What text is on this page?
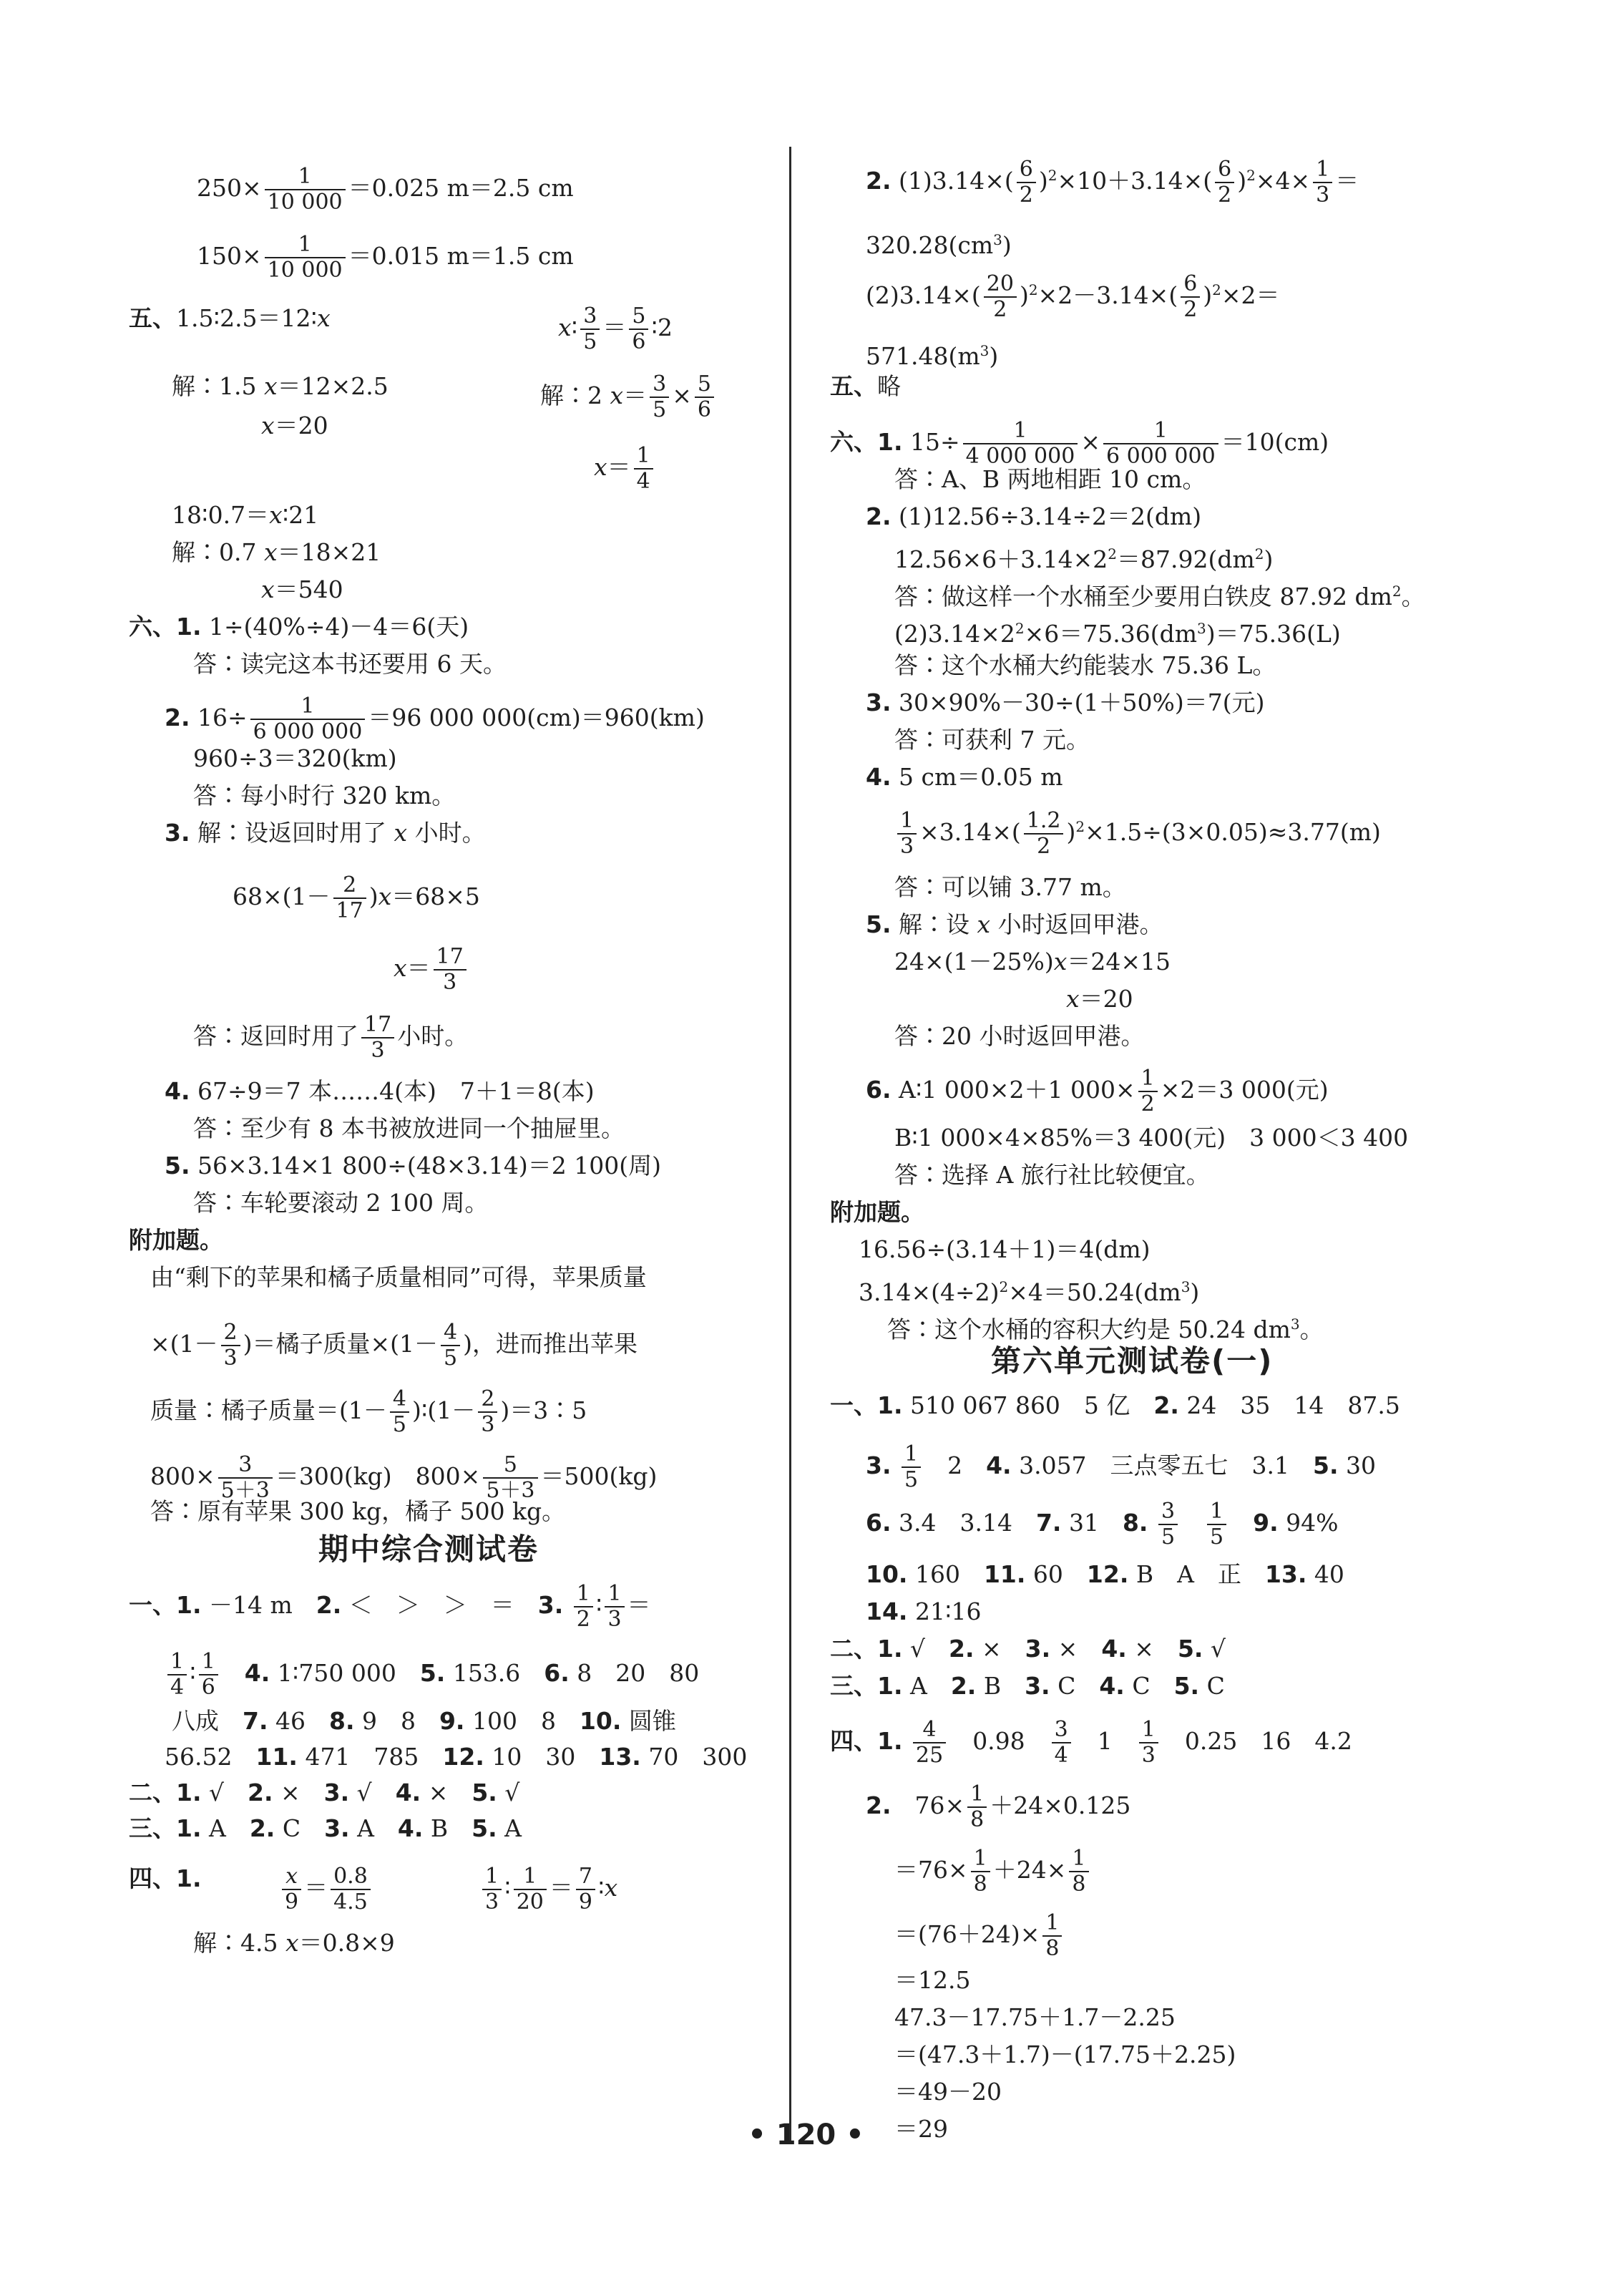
$250\times \frac{1}{10 000} =0.025$ m＝2.5 cm
$150\times \frac{1}{10 000} =0.015$ m＝1.5 cm
五、1.5∶2.5＝12∶x	x∶ $\frac{3}{5} = \frac{5}{6}$ ∶2
解∶1.5 x＝12×2.5	解∶2 $x= \frac{3}{5} \times \frac{5}{6}$
x＝20
$x= \frac{1}{4}$
18∶0.7＝x∶21
解∶0.7 x＝18×21
x＝540
六、1. 1÷(40%÷4)－4＝6(天)
答∶读完这本书还要用 6 天。
2. $16\div \frac{1}{6 000 000} =96$ 000 000(cm)＝960(km)
960÷3＝320(km)
答∶每小时行 320 km。
3. 解∶设返回时用了 x 小时。
$68\times(1- \frac{2}{17} )x=68\times 5$
$x= \frac{17}{3}$
答∶返回时用了 $\frac{17}{3}$ 小时。
4. 67÷9＝7 本……4(本)　7＋1＝8(本)
答∶至少有 8 本书被放进同一个抽屉里。
5. 56×3.14×1 800÷(48×3.14)＝2 100(周)
答∶车轮要滚动 2 100 周。
附加题。
由“剩下的苹果和橘子质量相同”可得，苹果质量
$\times(1- \frac{2}{3}$ )＝橘子质量$\times(1- \frac{4}{5}$ )，进而推出苹果
质量∶橘子质量$=(1- \frac{4}{5}$ )∶(1－ $\frac{2}{3}$ )＝3∶5
$800\times \frac{3}{5+3} =300(kg)$　$800\times \frac{5}{5+3} =500(kg)$
答∶原有苹果 300 kg，橘子 500 kg。
期中综合测试卷
一、1. －14 m　2. ＜　＞　＞　＝　3. $\frac{1}{2}$ ∶ $\frac{1}{3}$ ＝
$\frac{1}{4}$ ∶ $\frac{1}{6}$
　 4. 1∶750 000　5. 153.6　6. 8　20　80
八成　7. 46　8. 9　8　9. 100　8　10. 圆锥
56.52　11. 471　785　12. 10　30　13. 70　300
二、1. √　2. ×　3. √　4. ×　5. √
三、1. A　2. C　3. A　4. B　5. A
四、1.	$\frac{x}{9} = \frac{0.8}{4.5}$	$\frac{1}{3}$ ∶ $\frac{1}{20} = \frac{7}{9}$ ∶x
解∶4.5 x＝0.8×9
2. $(1)3.14\times( \frac{6}{2} )^2\times 10+3.14\times( \frac{6}{2} )^2\times 4\times \frac{1}{3}$ ＝
$320.28(cm^3)$
$(2)3.14\times( \frac{20}{2} )^2\times 2-3.14\times( \frac{6}{2} )^2\times 2=$
$571.48(m^3)$
五、略
六、1. $15\div \frac{1}{4 000 000} \times \frac{1}{6 000 000} =10(cm)$
答∶A、B 两地相距 10 cm。
2. (1)12.56÷3.14÷2＝2(dm)
$12.56\times 6+3.14\times 2^2=87.92(dm^2)$
答∶做这样一个水桶至少要用白铁皮 87.92 $dm^2$。
$(2)3.14\times 2^2\times 6=75.36(dm^3)=75.36(L)$
答∶这个水桶大约能装水 75.36 L。
3. 30×90%－30÷(1＋50%)＝7(元)
答∶可获利 7 元。
4. 5 cm＝0.05 m
$\frac{1}{3} \times 3.14\times( \frac{1.2}{2} )^2\times 1.5\div(3\times 0.05)\approx 3.77(m)$
答∶可以铺 3.77 m。
5. 解∶设 x 小时返回甲港。
24×(1－25%)x＝24×15
x＝20
答∶20 小时返回甲港。
6. A∶1 000×2＋1 $000\times \frac{1}{2} \times 2=3$ 000(元)
B∶1 000×4×85%＝3 400(元)　3 000＜3 400
答∶选择 A 旅行社比较便宜。
附加题。
16.56÷(3.14＋1)＝4(dm)
$3.14\times(4\div 2)^2\times 4=50.24(dm^3)$
答∶这个水桶的容积大约是 50.24 $dm^3$。
第六单元测试卷(一)
一、1. 510 067 860　5 亿　2. 24　35　14　87.5
3. $\frac{1}{5}$ 　2　4. 3.057　三点零五七　3.1　5. 30
6. 3.4　3.14　7. 31　8. $\frac{3}{5}$
　 $\frac{1}{5}$
　 9. 94%
10. 160　11. 60　12. B　A　正　13. 40
14. 21∶16
二、1. √　2. ×　3. ×　4. ×　5. √
三、1. A　2. B　3. C　4. C　5. C
四、1. $\frac{4}{25}$ 　0.98　 $\frac{3}{4}$ 　1　 $\frac{1}{3}$ 　0.25　16　4.2
2.　$76\times \frac{1}{8} +24\times 0.125$
$=76\times \frac{1}{8} +24\times \frac{1}{8}$
$=(76+24)\times \frac{1}{8}$
＝12.5
47.3－17.75＋1.7－2.25
＝(47.3＋1.7)－(17.75＋2.25)
＝49－20
＝29
• 120 •
